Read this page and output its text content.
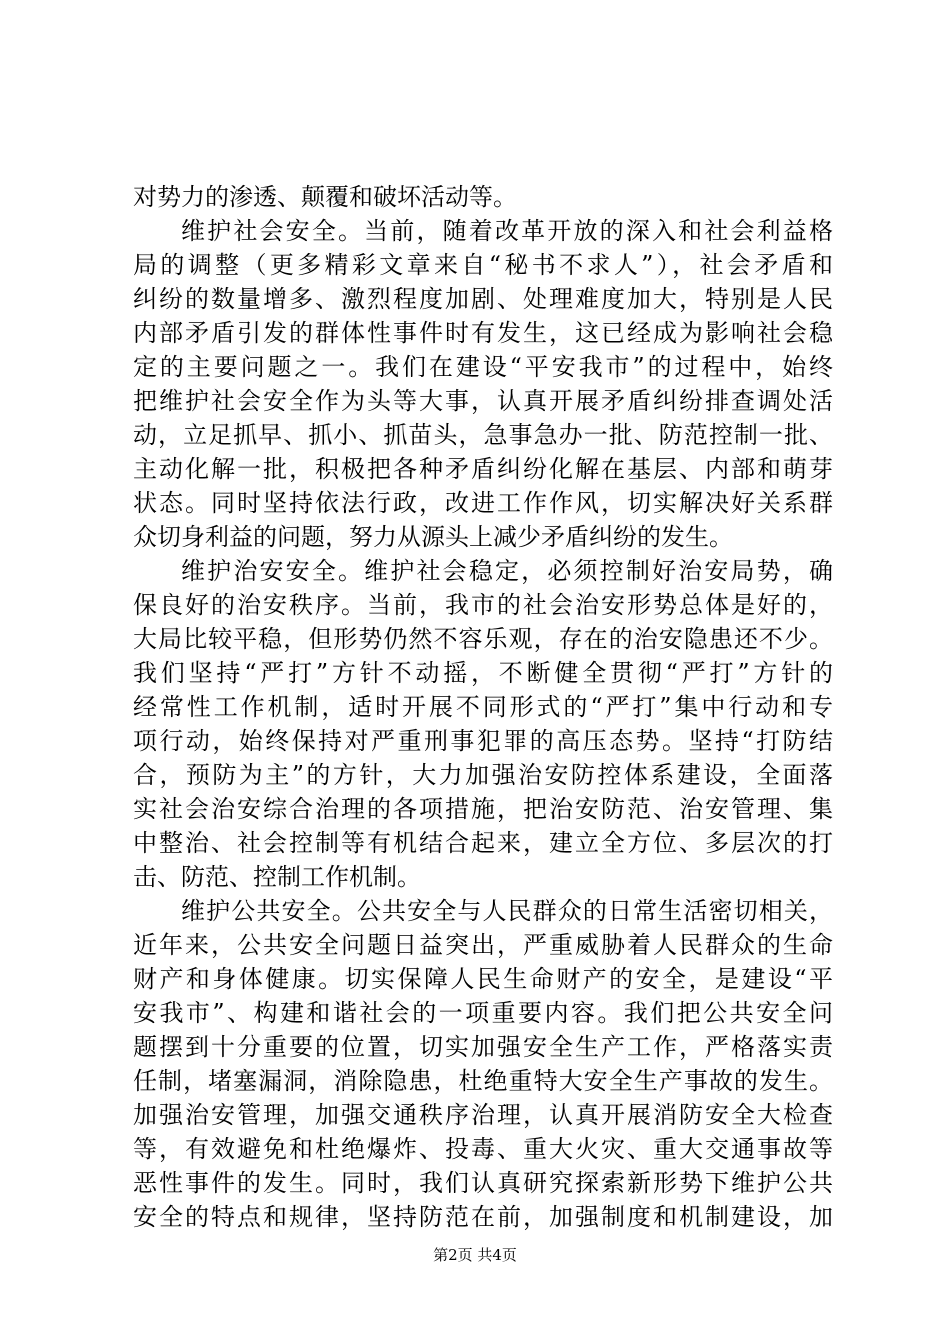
对势力的渗透、颠覆和破坏活动等。
维护社会安全。当前，随着改革开放的深入和社会利益格
局的调整（更多精彩文章来自“秘书不求人”），社会矛盾和
纠纷的数量增多、激烈程度加剧、处理难度加大，特别是人民
内部矛盾引发的群体性事件时有发生，这已经成为影响社会稳
定的主要问题之一。我们在建设“平安我市”的过程中，始终
把维护社会安全作为头等大事，认真开展矛盾纠纷排查调处活
动，立足抓早、抓小、抓苗头，急事急办一批、防范控制一批、
主动化解一批，积极把各种矛盾纠纷化解在基层、内部和萌芽
状态。同时坚持依法行政，改进工作作风，切实解决好关系群
众切身利益的问题，努力从源头上减少矛盾纠纷的发生。
维护治安安全。维护社会稳定，必须控制好治安局势，确
保良好的治安秩序。当前，我市的社会治安形势总体是好的，
大局比较平稳，但形势仍然不容乐观，存在的治安隐患还不少。
我们坚持“严打”方针不动摇，不断健全贯彻“严打”方针的
经常性工作机制，适时开展不同形式的“严打”集中行动和专
项行动，始终保持对严重刑事犯罪的高压态势。坚持“打防结
合，预防为主”的方针，大力加强治安防控体系建设，全面落
实社会治安综合治理的各项措施，把治安防范、治安管理、集
中整治、社会控制等有机结合起来，建立全方位、多层次的打
击、防范、控制工作机制。
维护公共安全。公共安全与人民群众的日常生活密切相关，
近年来，公共安全问题日益突出，严重威胁着人民群众的生命
财产和身体健康。切实保障人民生命财产的安全，是建设“平
安我市”、构建和谐社会的一项重要内容。我们把公共安全问
题摆到十分重要的位置，切实加强安全生产工作，严格落实责
任制，堵塞漏洞，消除隐患，杜绝重特大安全生产事故的发生。
加强治安管理，加强交通秩序治理，认真开展消防安全大检查
等，有效避免和杜绝爆炸、投毒、重大火灾、重大交通事故等
恶性事件的发生。同时，我们认真研究探索新形势下维护公共
安全的特点和规律，坚持防范在前，加强制度和机制建设，加
第2页 共4页
